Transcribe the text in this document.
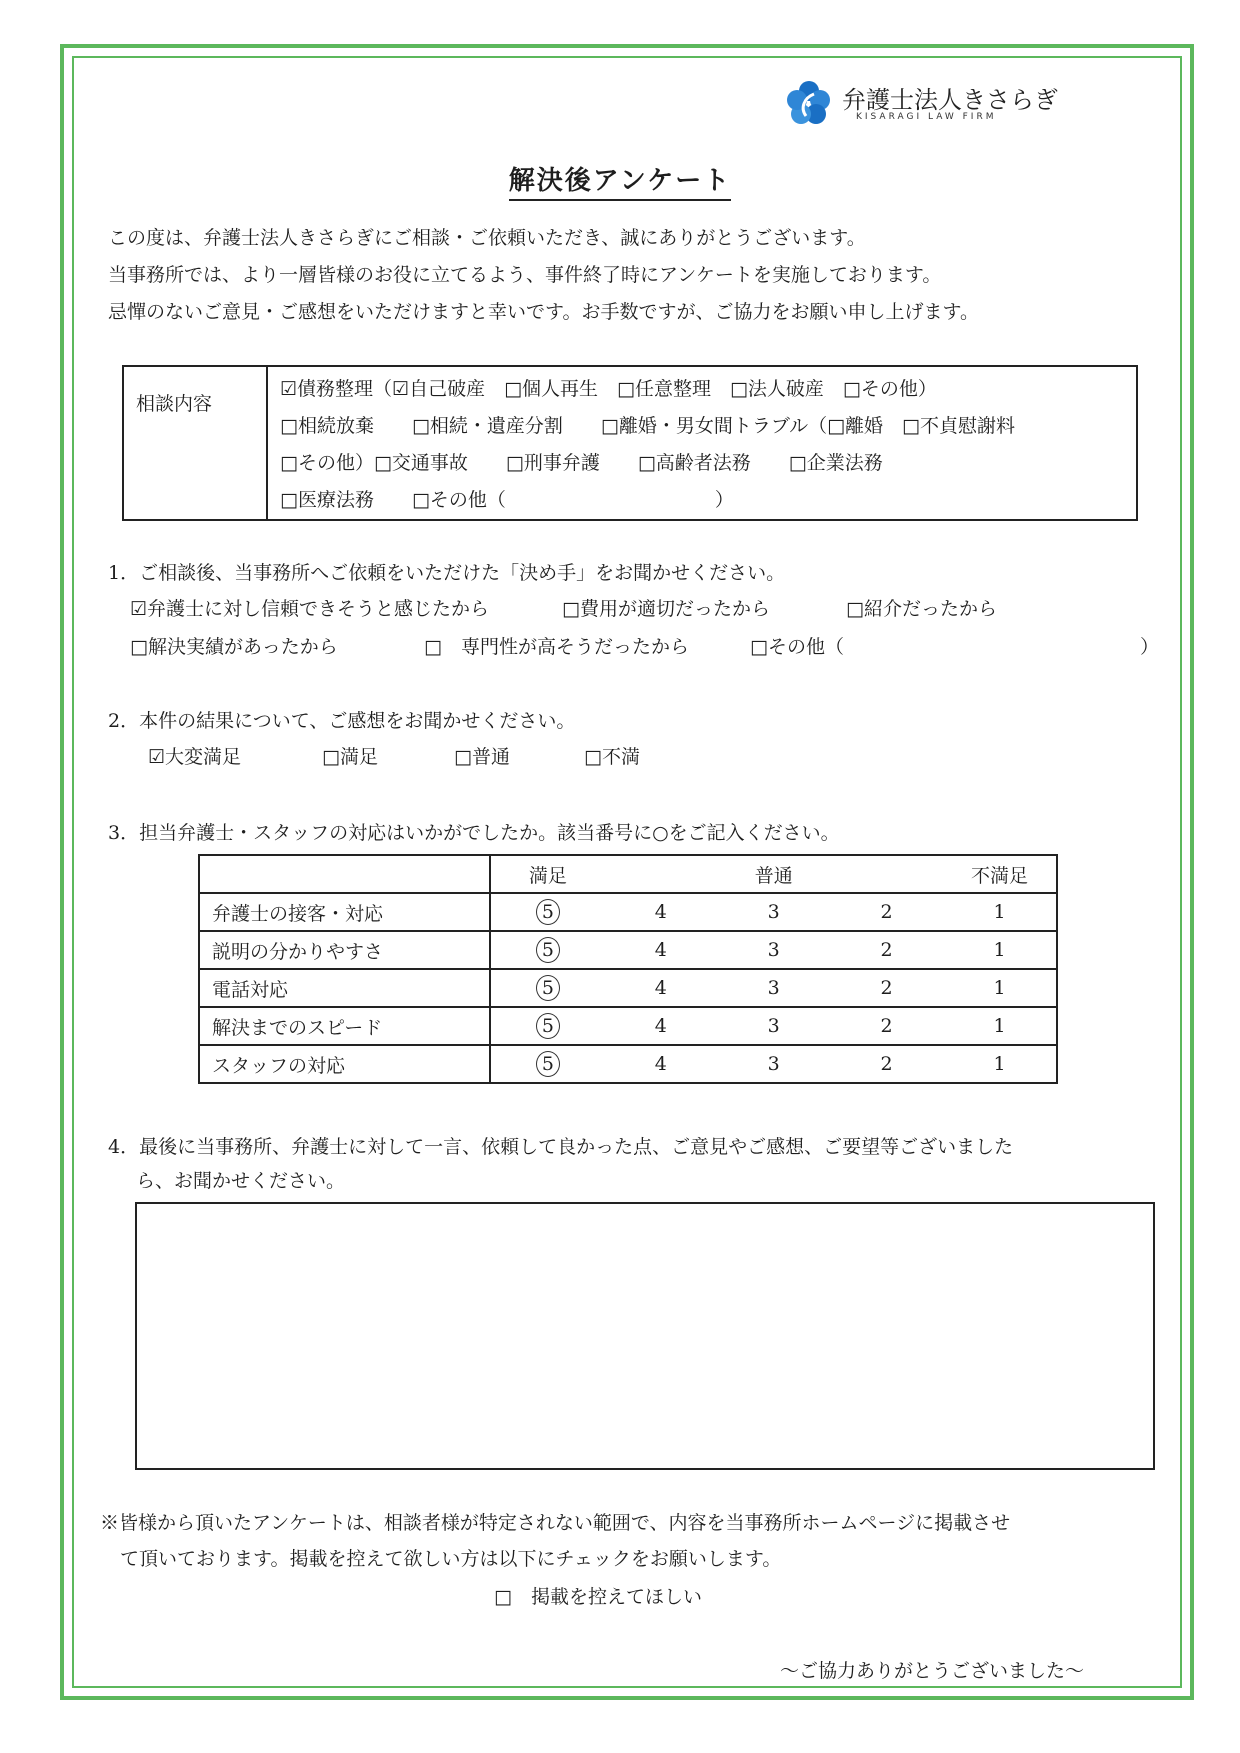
弁護士法人きさらぎ
KISARAGI LAW FIRM
解決後アンケート
この度は、弁護士法人きさらぎにご相談・ご依頼いただき、誠にありがとうございます。
当事務所では、より一層皆様のお役に立てるよう、事件終了時にアンケートを実施しております。
忌憚のないご意見・ご感想をいただけますと幸いです。お手数ですが、ご協力をお願い申し上げます。
相談内容	
☑債務整理（☑自己破産　□個人再生　□任意整理　□法人破産　□その他）
□相続放棄　　□相続・遺産分割　　□離婚・男女間トラブル（□離婚　□不貞慰謝料
□その他）□交通事故　　□刑事弁護　　□高齢者法務　　□企業法務
□医療法務　　□その他（　　　　　　　　　　　）
1．ご相談後、当事務所へご依頼をいただけた「決め手」をお聞かせください。
☑弁護士に対し信頼できそうと感じたから	□費用が適切だったから	□紹介だったから
□解決実績があったから	□　専門性が高そうだったから	□その他（	）
2．本件の結果について、ご感想をお聞かせください。
☑大変満足	□満足	□普通	□不満
3．担当弁護士・スタッフの対応はいかがでしたか。該当番号に○をご記入ください。
	満足		普通		不満足
弁護士の接客・対応	5	4	3	2	1
説明の分かりやすさ	5	4	3	2	1
電話対応	5	4	3	2	1
解決までのスピード	5	4	3	2	1
スタッフの対応	5	4	3	2	1
4．最後に当事務所、弁護士に対して一言、依頼して良かった点、ご意見やご感想、ご要望等ございました
ら、お聞かせください。
※皆様から頂いたアンケートは、相談者様が特定されない範囲で、内容を当事務所ホームページに掲載させ
て頂いております。掲載を控えて欲しい方は以下にチェックをお願いします。
□　掲載を控えてほしい
～ご協力ありがとうございました～
